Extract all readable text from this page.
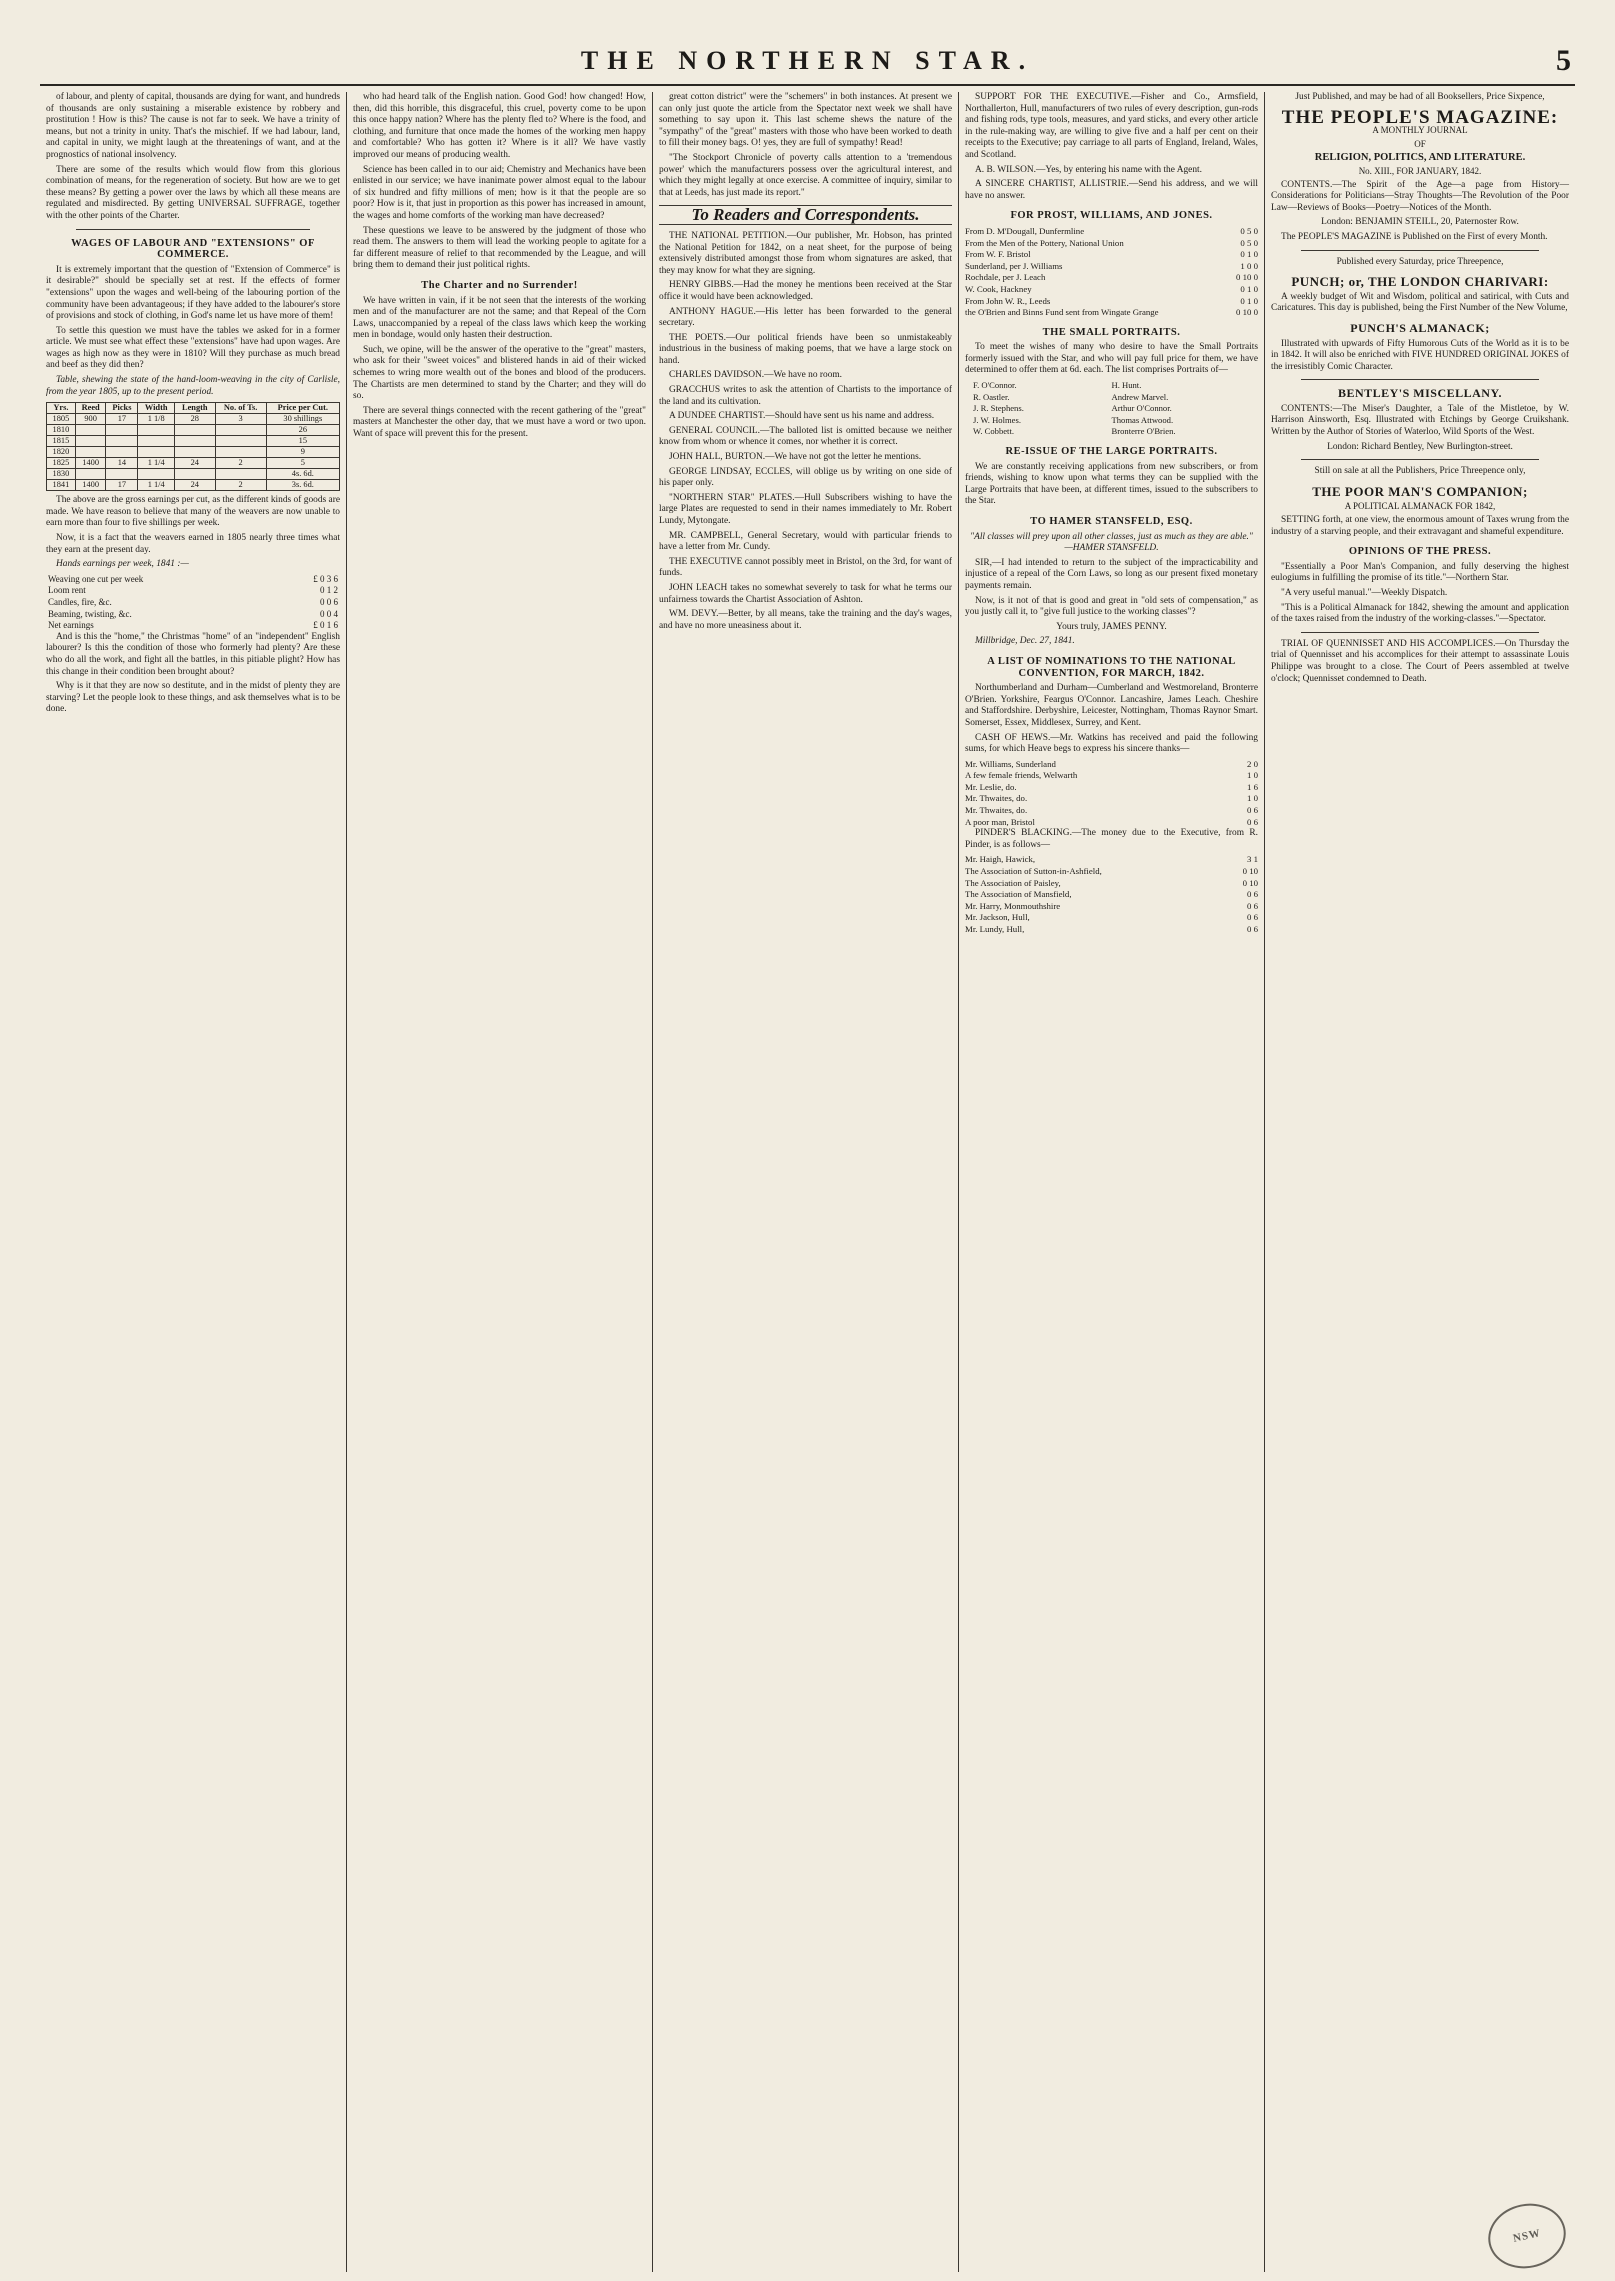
THE NORTHERN STAR.	5

of labour, and plenty of capital, thousands are dying for want, and hundreds of thousands are only sustaining a miserable existence by robbery and prostitution ! How is this? The cause is not far to seek. We have a trinity of means, but not a trinity in unity. That's the mischief. If we had labour, land, and capital in unity, we might laugh at the threatenings of want, and at the prognostics of national insolvency.

There are some of the results which would flow from this glorious combination of means, for the regeneration of society. But how are we to get these means? By getting a power over the laws by which all these means are regulated and misdirected. By getting UNIVERSAL SUFFRAGE, together with the other points of the Charter.

WAGES OF LABOUR AND "EXTENSIONS" OF COMMERCE.

It is extremely important that the question of "Extension of Commerce" is it desirable?" should be specially set at rest. If the effects of former "extensions" upon the wages and well-being of the labouring portion of the community have been advantageous; if they have added to the labourer's store of provisions and stock of clothing, in God's name let us have more of them!

To settle this question we must have the tables we asked for in a former article. We must see what effect these "extensions" have had upon wages. Are wages as high now as they were in 1810? Will they purchase as much bread and beef as they did then?

Table, shewing the state of the hand-loom-weaving in the city of Carlisle, from the year 1805, up to the present period.

Yrs.	Reed	Picks	Width	Length	No. of Ts.	Price per Cut.
1805	900	17	1 1/8	28	3	30 shillings
1810						26
1815						15
1820						9
1825	1400	14	1 1/4	24	2	5
1830						4s. 6d.
1841	1400	17	1 1/4	24	2	3s. 6d.

The above are the gross earnings per cut, as the different kinds of goods are made. We have reason to believe that many of the weavers are now unable to earn more than four to five shillings per week.

Now, it is a fact that the weavers earned in 1805 nearly three times what they earn at the present day.

Hands earnings per week, 1841 :—

Weaving one cut per week	£ 0 3 6
Loom rent	0 1 2
Candles, fire, &c.	0 0 6
Beaming, twisting, &c.	0 0 4
Net earnings	£ 0 1 6

And is this the "home," the Christmas "home" of an "independent" English labourer? Is this the condition of those who formerly had plenty? Are these who do all the work, and fight all the battles, in this pitiable plight? How has this change in their condition been brought about?

Why is it that they are now so destitute, and in the midst of plenty they are starving? Let the people look to these things, and ask themselves what is to be done.

who had heard talk of the English nation. Good God! how changed! How, then, did this horrible, this disgraceful, this cruel, poverty come to be upon this once happy nation? Where has the plenty fled to? Where is the food, and clothing, and furniture that once made the homes of the working men happy and comfortable? Who has gotten it? Where is it all? We have vastly improved our means of producing wealth.

Science has been called in to our aid; Chemistry and Mechanics have been enlisted in our service; we have inanimate power almost equal to the labour of six hundred and fifty millions of men; how is it that the people are so poor? How is it, that just in proportion as this power has increased in amount, the wages and home comforts of the working man have decreased?

These questions we leave to be answered by the judgment of those who read them. The answers to them will lead the working people to agitate for a far different measure of relief to that recommended by the League, and will bring them to demand their just political rights.

The Charter and no Surrender!

We have written in vain, if it be not seen that the interests of the working men and of the manufacturer are not the same; and that Repeal of the Corn Laws, unaccompanied by a repeal of the class laws which keep the working men in bondage, would only hasten their destruction.

Such, we opine, will be the answer of the operative to the "great" masters, who ask for their "sweet voices" and blistered hands in aid of their wicked schemes to wring more wealth out of the bones and blood of the producers. The Chartists are men determined to stand by the Charter; and they will do so.

There are several things connected with the recent gathering of the "great" masters at Manchester the other day, that we must have a word or two upon. Want of space will prevent this for the present.

great cotton district" were the "schemers" in both instances. At present we can only just quote the article from the Spectator next week we shall have something to say upon it. This last scheme shews the nature of the "sympathy" of the "great" masters with those who have been worked to death to fill their money bags. O! yes, they are full of sympathy! Read!

"The Stockport Chronicle of poverty calls attention to a 'tremendous power' which the manufacturers possess over the agricultural interest, and which they might legally at once exercise. A committee of inquiry, similar to that at Leeds, has just made its report."

To Readers and Correspondents.

THE NATIONAL PETITION.—Our publisher, Mr. Hobson, has printed the National Petition for 1842, on a neat sheet, for the purpose of being extensively distributed amongst those from whom signatures are asked, that they may know for what they are signing.

HENRY GIBBS.—Had the money he mentions been received at the Star office it would have been acknowledged.

ANTHONY HAGUE.—His letter has been forwarded to the general secretary.

THE POETS.—Our political friends have been so unmistakeably industrious in the business of making poems, that we have a large stock on hand.

CHARLES DAVIDSON.—We have no room.

GRACCHUS writes to ask the attention of Chartists to the importance of the land and its cultivation.

A DUNDEE CHARTIST.—Should have sent us his name and address.

GENERAL COUNCIL.—The balloted list is omitted because we neither know from whom or whence it comes, nor whether it is correct.

JOHN HALL, BURTON.—We have not got the letter he mentions.

GEORGE LINDSAY, ECCLES, will oblige us by writing on one side of his paper only.

"NORTHERN STAR" PLATES.—Hull Subscribers wishing to have the large Plates are requested to send in their names immediately to Mr. Robert Lundy, Mytongate.

MR. CAMPBELL, General Secretary, would with particular friends to have a letter from Mr. Cundy.

THE EXECUTIVE cannot possibly meet in Bristol, on the 3rd, for want of funds.

JOHN LEACH takes no somewhat severely to task for what he terms our unfairness towards the Chartist Association of Ashton.

WM. DEVY.—Better, by all means, take the training and the day's wages, and have no more uneasiness about it.

SUPPORT FOR THE EXECUTIVE.—Fisher and Co., Armsfield, Northallerton, Hull, manufacturers of two rules of every description, gun-rods and fishing rods, type tools, measures, and yard sticks, and every other article in the rule-making way, are willing to give five and a half per cent on their receipts to the Executive; pay carriage to all parts of England, Ireland, Wales, and Scotland.

A. B. WILSON.—Yes, by entering his name with the Agent.

A SINCERE CHARTIST, ALLISTRIE.—Send his address, and we will have no answer.

FOR PROST, WILLIAMS, AND JONES.
From D. M'Dougall, Dunfermline	0 5 0
From the Men of the Pottery, National Union	0 5 0
From W. F. Bristol	0 1 0
Sunderland, per J. Williams	1 0 0
Rochdale, per J. Leach	0 10 0
W. Cook, Hackney	0 1 0
From John W. R., Leeds	0 1 0
the O'Brien and Binns Fund sent from Wingate Grange	0 10 0
THE SMALL PORTRAITS.

To meet the wishes of many who desire to have the Small Portraits formerly issued with the Star, and who will pay full price for them, we have determined to offer them at 6d. each. The list comprises Portraits of—

F. O'Connor.	H. Hunt.
R. Oastler.	Andrew Marvel.
J. R. Stephens.	Arthur O'Connor.
J. W. Holmes.	Thomas Attwood.
W. Cobbett.	Bronterre O'Brien.
RE-ISSUE OF THE LARGE PORTRAITS.

We are constantly receiving applications from new subscribers, or from friends, wishing to know upon what terms they can be supplied with the Large Portraits that have been, at different times, issued to the subscribers to the Star.

TO HAMER STANSFELD, ESQ.

"All classes will prey upon all other classes, just as much as they are able." —HAMER STANSFELD.

SIR,—I had intended to return to the subject of the impracticability and injustice of a repeal of the Corn Laws, so long as our present fixed monetary payments remain.

Now, is it not of that is good and great in "old sets of compensation," as you justly call it, to "give full justice to the working classes"?

Yours truly, JAMES PENNY.

Millbridge, Dec. 27, 1841.

A LIST OF NOMINATIONS TO THE NATIONAL CONVENTION, FOR MARCH, 1842.

Northumberland and Durham—Cumberland and Westmoreland, Bronterre O'Brien. Yorkshire, Feargus O'Connor. Lancashire, James Leach. Cheshire and Staffordshire. Derbyshire, Leicester, Nottingham, Thomas Raynor Smart. Somerset, Essex, Middlesex, Surrey, and Kent.

CASH OF HEWS.—Mr. Watkins has received and paid the following sums, for which Heave begs to express his sincere thanks—

Mr. Williams, Sunderland	2 0
A few female friends, Welwarth	1 0
Mr. Leslie, do.	1 6
Mr. Thwaites, do.	1 0
Mr. Thwaites, do.	0 6
A poor man, Bristol	0 6

PINDER'S BLACKING.—The money due to the Executive, from R. Pinder, is as follows—

Mr. Haigh, Hawick,	3 1
The Association of Sutton-in-Ashfield,	0 10
The Association of Paisley,	0 10
The Association of Mansfield,	0 6
Mr. Harry, Monmouthshire	0 6
Mr. Jackson, Hull,	0 6
Mr. Lundy, Hull,	0 6

Just Published, and may be had of all Booksellers, Price Sixpence,

THE PEOPLE'S MAGAZINE:
A MONTHLY JOURNAL
OF
RELIGION, POLITICS, AND LITERATURE.
No. XIII., FOR JANUARY, 1842.

CONTENTS.—The Spirit of the Age—a page from History—Considerations for Politicians—Stray Thoughts—The Revolution of the Poor Law—Reviews of Books—Poetry—Notices of the Month.

London: BENJAMIN STEILL, 20, Paternoster Row.

The PEOPLE'S MAGAZINE is Published on the First of every Month.

Published every Saturday, price Threepence,

PUNCH; or, THE LONDON CHARIVARI:

A weekly budget of Wit and Wisdom, political and satirical, with Cuts and Caricatures. This day is published, being the First Number of the New Volume,

PUNCH'S ALMANACK;

Illustrated with upwards of Fifty Humorous Cuts of the World as it is to be in 1842. It will also be enriched with FIVE HUNDRED ORIGINAL JOKES of the irresistibly Comic Character.

BENTLEY'S MISCELLANY.

CONTENTS:—The Miser's Daughter, a Tale of the Mistletoe, by W. Harrison Ainsworth, Esq. Illustrated with Etchings by George Cruikshank. Written by the Author of Stories of Waterloo, Wild Sports of the West.

London: Richard Bentley, New Burlington-street.

Still on sale at all the Publishers, Price Threepence only,

THE POOR MAN'S COMPANION;
A POLITICAL ALMANACK FOR 1842,

SETTING forth, at one view, the enormous amount of Taxes wrung from the industry of a starving people, and their extravagant and shameful expenditure.

OPINIONS OF THE PRESS.

"Essentially a Poor Man's Companion, and fully deserving the highest eulogiums in fulfilling the promise of its title."—Northern Star.

"A very useful manual."—Weekly Dispatch.

"This is a Political Almanack for 1842, shewing the amount and application of the taxes raised from the industry of the working-classes."—Spectator.

TRIAL OF QUENNISSET AND HIS ACCOMPLICES.—On Thursday the trial of Quennisset and his accomplices for their attempt to assassinate Louis Philippe was brought to a close. The Court of Peers assembled at twelve o'clock; Quennisset condemned to Death.

NSW
